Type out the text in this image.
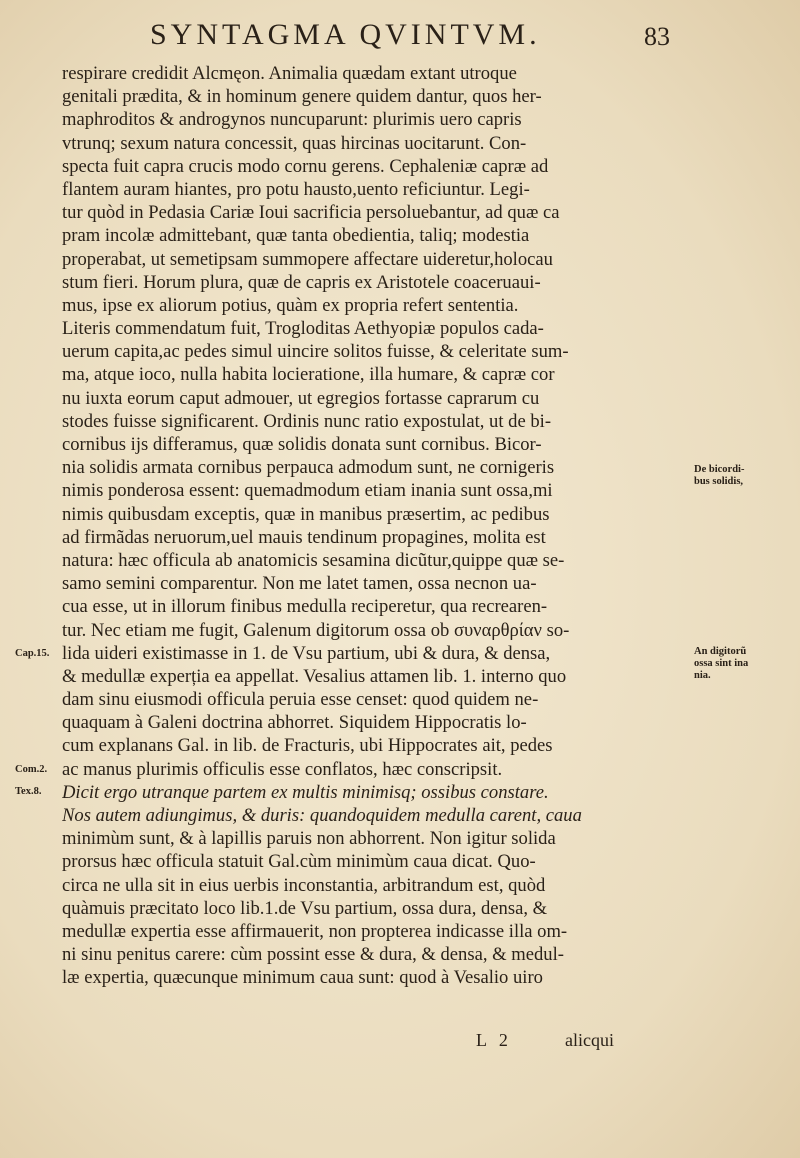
SYNTAGMA QVINTVM.	83
respirare credidit Alcmęon. Animalia quædam extant utroque
genitali prædita, & in hominum genere quidem dantur, quos her-
maphroditos & androgynos nuncuparunt: plurimis uero capris
vtrunq; sexum natura concessit, quas hircinas uocitarunt. Con-
specta fuit capra crucis modo cornu gerens. Cephaleniæ capræ ad
flantem auram hiantes, pro potu hausto,uento reficiuntur. Legi-
tur quòd in Pedasia Cariæ Ioui sacrificia persoluebantur, ad quæ ca
pram incolæ admittebant, quæ tanta obedientia, taliq; modestia
properabat, ut semetipsam summopere affectare uideretur,holocau
stum fieri. Horum plura, quæ de capris ex Aristotele coaceruaui-
mus, ipse ex aliorum potius, quàm ex propria refert sententia.
Literis commendatum fuit, Trogloditas Aethyopiæ populos cada-
uerum capita,ac pedes simul uincire solitos fuisse, & celeritate sum-
ma, atque ioco, nulla habita locieratione, illa humare, & capræ cor
nu iuxta eorum caput admouer, ut egregios fortasse caprarum cu
stodes fuisse significarent. Ordinis nunc ratio expostulat, ut de bi-
cornibus ijs differamus, quæ solidis donata sunt cornibus. Bicor-
nia solidis armata cornibus perpauca admodum sunt, ne cornigeris
nimis ponderosa essent: quemadmodum etiam inania sunt ossa,mi
nimis quibusdam exceptis, quæ in manibus præsertim, ac pedibus
ad firmãdas neruorum,uel mauis tendinum propagines, molita est
natura: hæc officula ab anatomicis sesamina dicũtur,quippe quæ se-
samo semini comparentur. Non me latet tamen, ossa necnon ua-
cua esse, ut in illorum finibus medulla reciperetur, qua recrearen-
tur. Nec etiam me fugit, Galenum digitorum ossa ob συναρθρίαν so-
lida uideri existimasse in 1. de Vsu partium, ubi & dura, & densa,
& medullæ experția ea appellat. Vesalius attamen lib. 1. interno quo
dam sinu eiusmodi officula peruia esse censet: quod quidem ne-
quaquam à Galeni doctrina abhorret. Siquidem Hippocratis lo-
cum explanans Gal. in lib. de Fracturis, ubi Hippocrates ait, pedes
ac manus plurimis officulis esse conflatos, hæc conscripsit.
Dicit ergo utranque partem ex multis minimisq; ossibus constare.
Nos autem adiungimus, & duris: quandoquidem medulla carent, caua
minimùm sunt, & à lapillis paruis non abhorrent. Non igitur solida
prorsus hæc officula statuit Gal.cùm minimùm caua dicat. Quo-
circa ne ulla sit in eius uerbis inconstantia, arbitrandum est, quòd
quàmuis præcitato loco lib.1.de Vsu partium, ossa dura, densa, &
medullæ expertia esse affirmauerit, non propterea indicasse illa om-
ni sinu penitus carere: cùm possint esse & dura, & densa, & medul-
læ expertia, quæcunque minimum caua sunt: quod à Vesalio uiro
Cap.15.
Com.2.
Tex.8.
De bicordi-
bus solidis,
An digitorũ
ossa sint ina
nia.
L 2	alicqui
